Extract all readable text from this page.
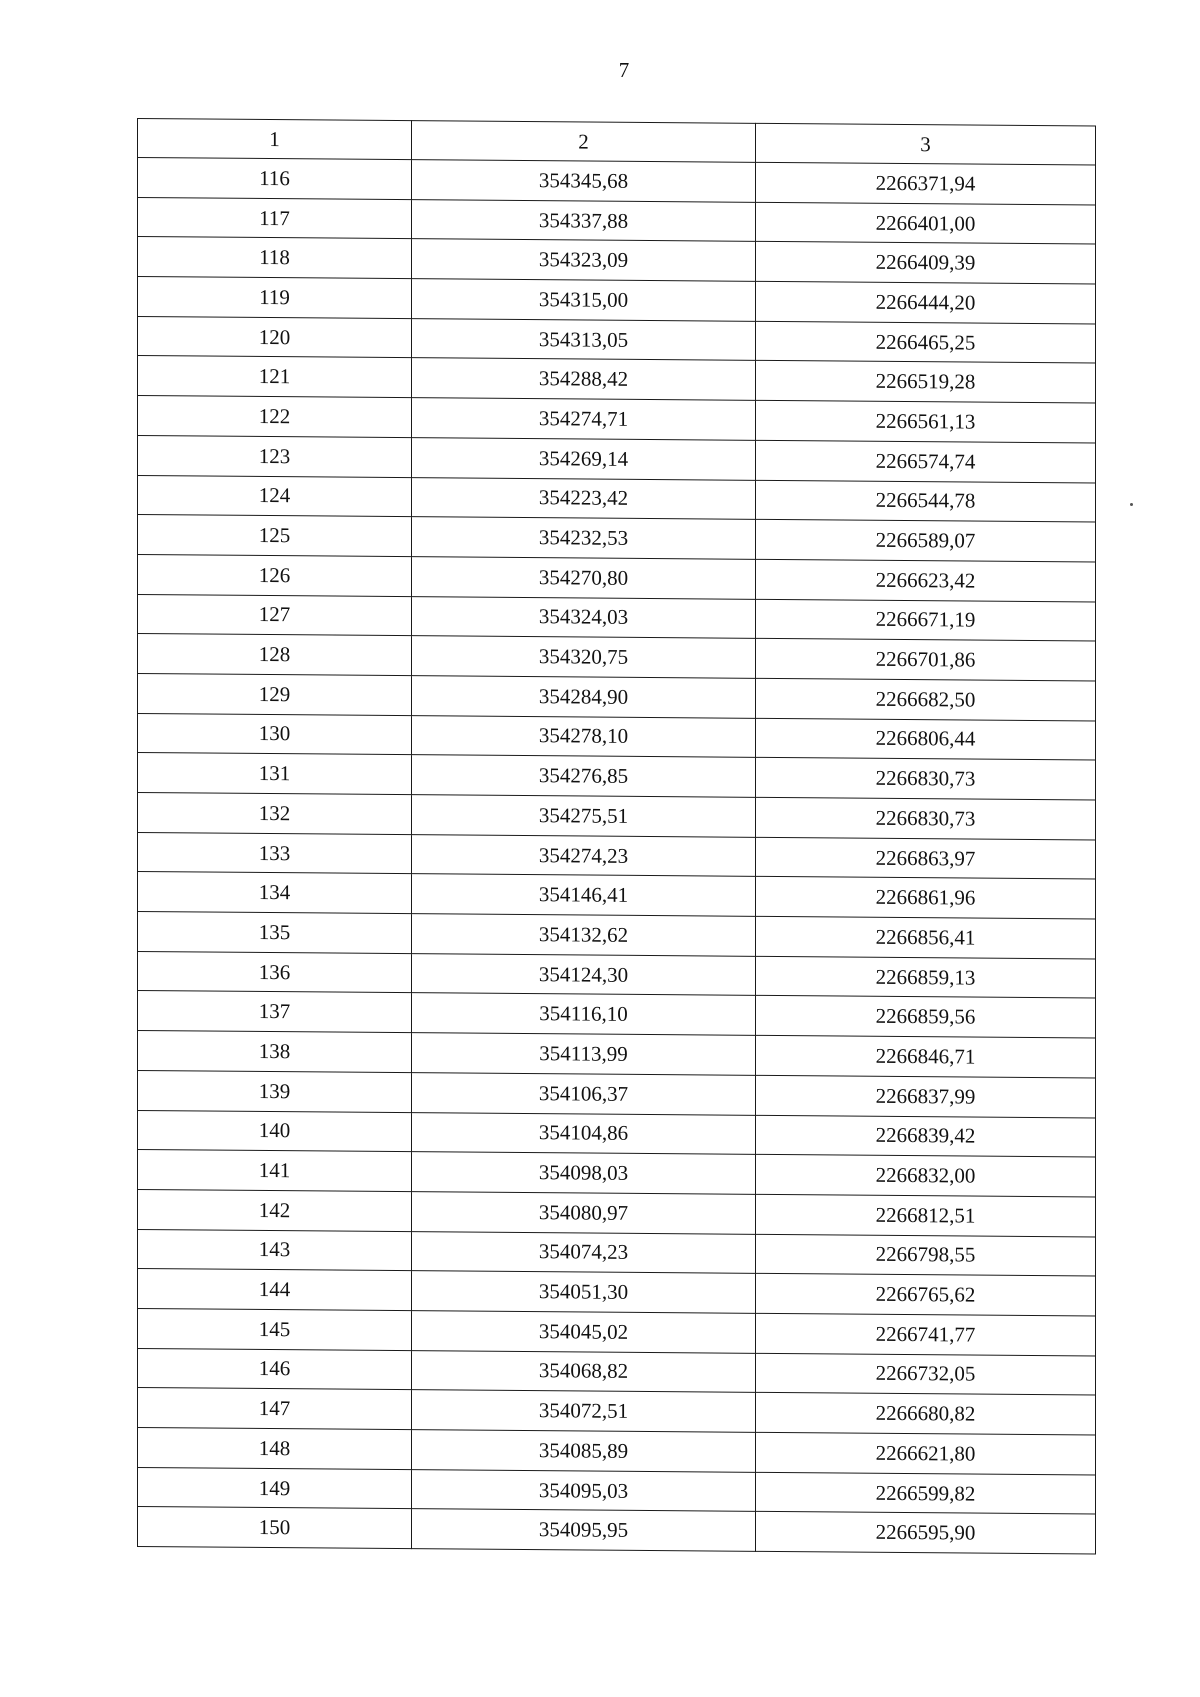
7
1	2	3
116	354345,68	2266371,94
117	354337,88	2266401,00
118	354323,09	2266409,39
119	354315,00	2266444,20
120	354313,05	2266465,25
121	354288,42	2266519,28
122	354274,71	2266561,13
123	354269,14	2266574,74
124	354223,42	2266544,78
125	354232,53	2266589,07
126	354270,80	2266623,42
127	354324,03	2266671,19
128	354320,75	2266701,86
129	354284,90	2266682,50
130	354278,10	2266806,44
131	354276,85	2266830,73
132	354275,51	2266830,73
133	354274,23	2266863,97
134	354146,41	2266861,96
135	354132,62	2266856,41
136	354124,30	2266859,13
137	354116,10	2266859,56
138	354113,99	2266846,71
139	354106,37	2266837,99
140	354104,86	2266839,42
141	354098,03	2266832,00
142	354080,97	2266812,51
143	354074,23	2266798,55
144	354051,30	2266765,62
145	354045,02	2266741,77
146	354068,82	2266732,05
147	354072,51	2266680,82
148	354085,89	2266621,80
149	354095,03	2266599,82
150	354095,95	2266595,90
